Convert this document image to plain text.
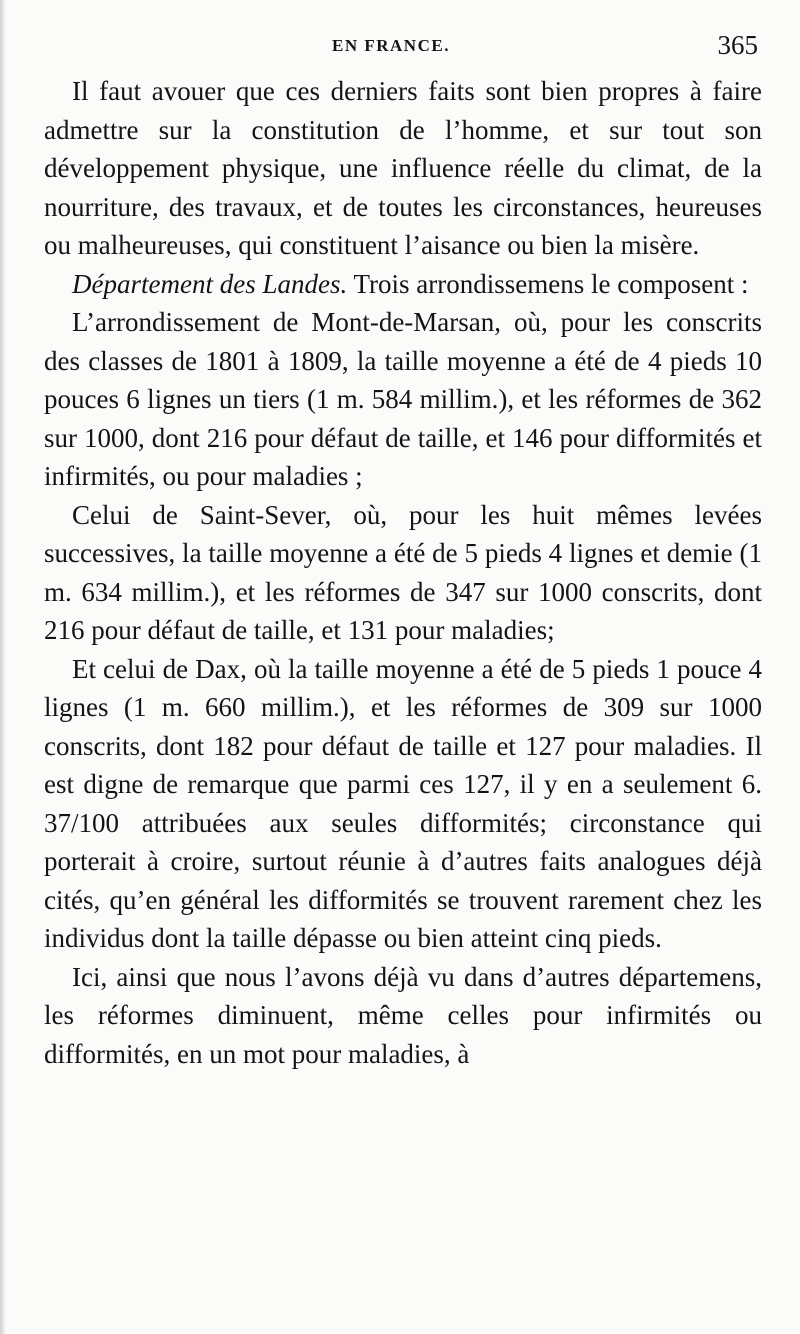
EN FRANCE.	365

Il faut avouer que ces derniers faits sont bien propres à faire admettre sur la constitution de l’homme, et sur tout son développement physique, une influence réelle du climat, de la nourriture, des travaux, et de toutes les circonstances, heureuses ou malheureuses, qui constituent l’aisance ou bien la misère.

Département des Landes. Trois arrondissemens le composent :

L’arrondissement de Mont-de-Marsan, où, pour les conscrits des classes de 1801 à 1809, la taille moyenne a été de 4 pieds 10 pouces 6 lignes un tiers (1 m. 584 millim.), et les réformes de 362 sur 1000, dont 216 pour défaut de taille, et 146 pour difformités et infirmités, ou pour maladies ;

Celui de Saint-Sever, où, pour les huit mêmes levées successives, la taille moyenne a été de 5 pieds 4 lignes et demie (1 m. 634 millim.), et les réformes de 347 sur 1000 conscrits, dont 216 pour défaut de taille, et 131 pour maladies;

Et celui de Dax, où la taille moyenne a été de 5 pieds 1 pouce 4 lignes (1 m. 660 millim.), et les réformes de 309 sur 1000 conscrits, dont 182 pour défaut de taille et 127 pour maladies. Il est digne de remarque que parmi ces 127, il y en a seulement 6. 37/100 attribuées aux seules difformités; circonstance qui porterait à croire, surtout réunie à d’autres faits analogues déjà cités, qu’en général les difformités se trouvent rarement chez les individus dont la taille dépasse ou bien atteint cinq pieds.

Ici, ainsi que nous l’avons déjà vu dans d’autres départemens, les réformes diminuent, même celles pour infirmités ou difformités, en un mot pour maladies, à
